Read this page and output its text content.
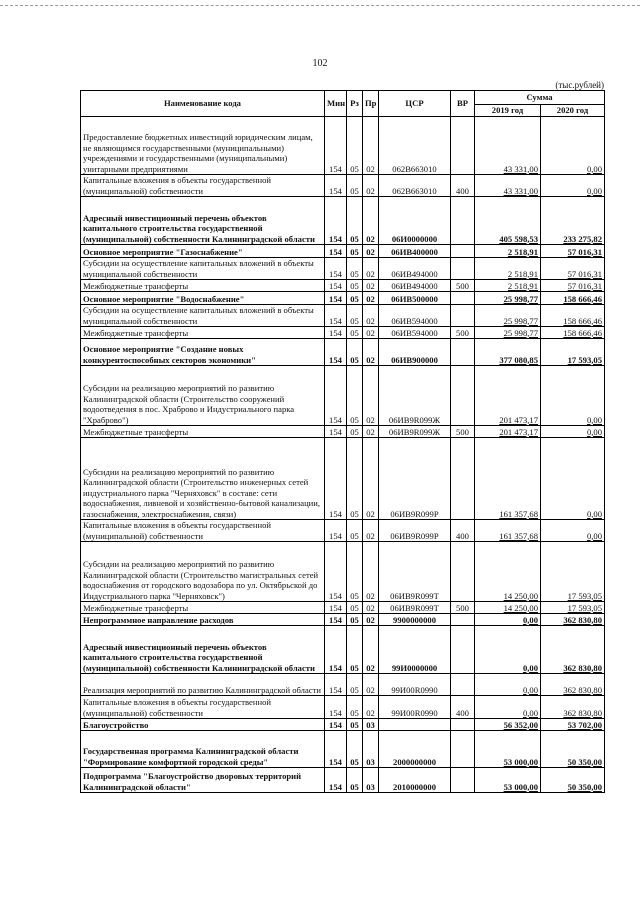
102
(тыс.рублей)
Наименование кода	Мин	Рз	Пр	ЦСР	ВР	Сумма	
						2019 год	2020 год
Предоставление бюджетных инвестиций юридическим лицам, не являющимся государственными (муниципальными) учреждениями и государственными (муниципальными) унитарными предприятиями	154	05	02	062В663010		43 331,00	0,00
Капитальные вложения в объекты государственной (муниципальной) собственности	154	05	02	062В663010	400	43 331,00	0,00
Адресный инвестиционный перечень объектов капитального строительства государственной (муниципальной) собственности Калининградской области	154	05	02	06И0000000		405 598,53	233 275,82
Основное мероприятие "Газоснабжение"	154	05	02	06ИВ400000		2 518,91	57 016,31
Субсидии на осуществление капитальных вложений в объекты муниципальной собственности	154	05	02	06ИВ494000		2 518,91	57 016,31
Межбюджетные трансферты	154	05	02	06ИВ494000	500	2 518,91	57 016,31
Основное мероприятие "Водоснабжение"	154	05	02	06ИВ500000		25 998,77	158 666,46
Субсидии на осуществление капитальных вложений в объекты муниципальной собственности	154	05	02	06ИВ594000		25 998,77	158 666,46
Межбюджетные трансферты	154	05	02	06ИВ594000	500	25 998,77	158 666,46
Основное мероприятие "Создание новых конкурентоспособных секторов экономики"	154	05	02	06ИВ900000		377 080,85	17 593,05
Субсидии на реализацию мероприятий по развитию Калининградской области (Строительство сооружений водоотведения в пос. Храброво и Индустриального парка "Храброво")	154	05	02	06ИВ9R099Ж		201 473,17	0,00
Межбюджетные трансферты	154	05	02	06ИВ9R099Ж	500	201 473,17	0,00
Субсидии на реализацию мероприятий по развитию Калининградской области (Строительство инженерных сетей индустриального парка "Черняховск" в составе: сети водоснабжения, ливневой и хозяйственно-бытовой канализации, газоснабжения, электроснабжения, связи)	154	05	02	06ИВ9R099Р		161 357,68	0,00
Капитальные вложения в объекты государственной (муниципальной) собственности	154	05	02	06ИВ9R099Р	400	161 357,68	0,00
Субсидии на реализацию мероприятий по развитию Калининградской области (Строительство магистральных сетей водоснабжения от городского водозабора по ул. Октябрьской до Индустриального парка "Черняховск")	154	05	02	06ИВ9R099Т		14 250,00	17 593,05
Межбюджетные трансферты	154	05	02	06ИВ9R099Т	500	14 250,00	17 593,05
Непрограммное направление расходов	154	05	02	9900000000		0,00	362 830,80
Адресный инвестиционный перечень объектов капитального строительства государственной (муниципальной) собственности Калининградской области	154	05	02	99И0000000		0,00	362 830,80
Реализация мероприятий по развитию Калининградской области	154	05	02	99И00R0990		0,00	362 830,80
Капитальные вложения в объекты государственной (муниципальной) собственности	154	05	02	99И00R0990	400	0,00	362 830,80
Благоустройство	154	05	03			56 352,00	53 702,00
Государственная программа Калининградской области "Формирование комфортной городской среды"	154	05	03	2000000000		53 000,00	50 350,00
Подпрограмма "Благоустройство дворовых территорий Калининградской области"	154	05	03	2010000000		53 000,00	50 350,00
